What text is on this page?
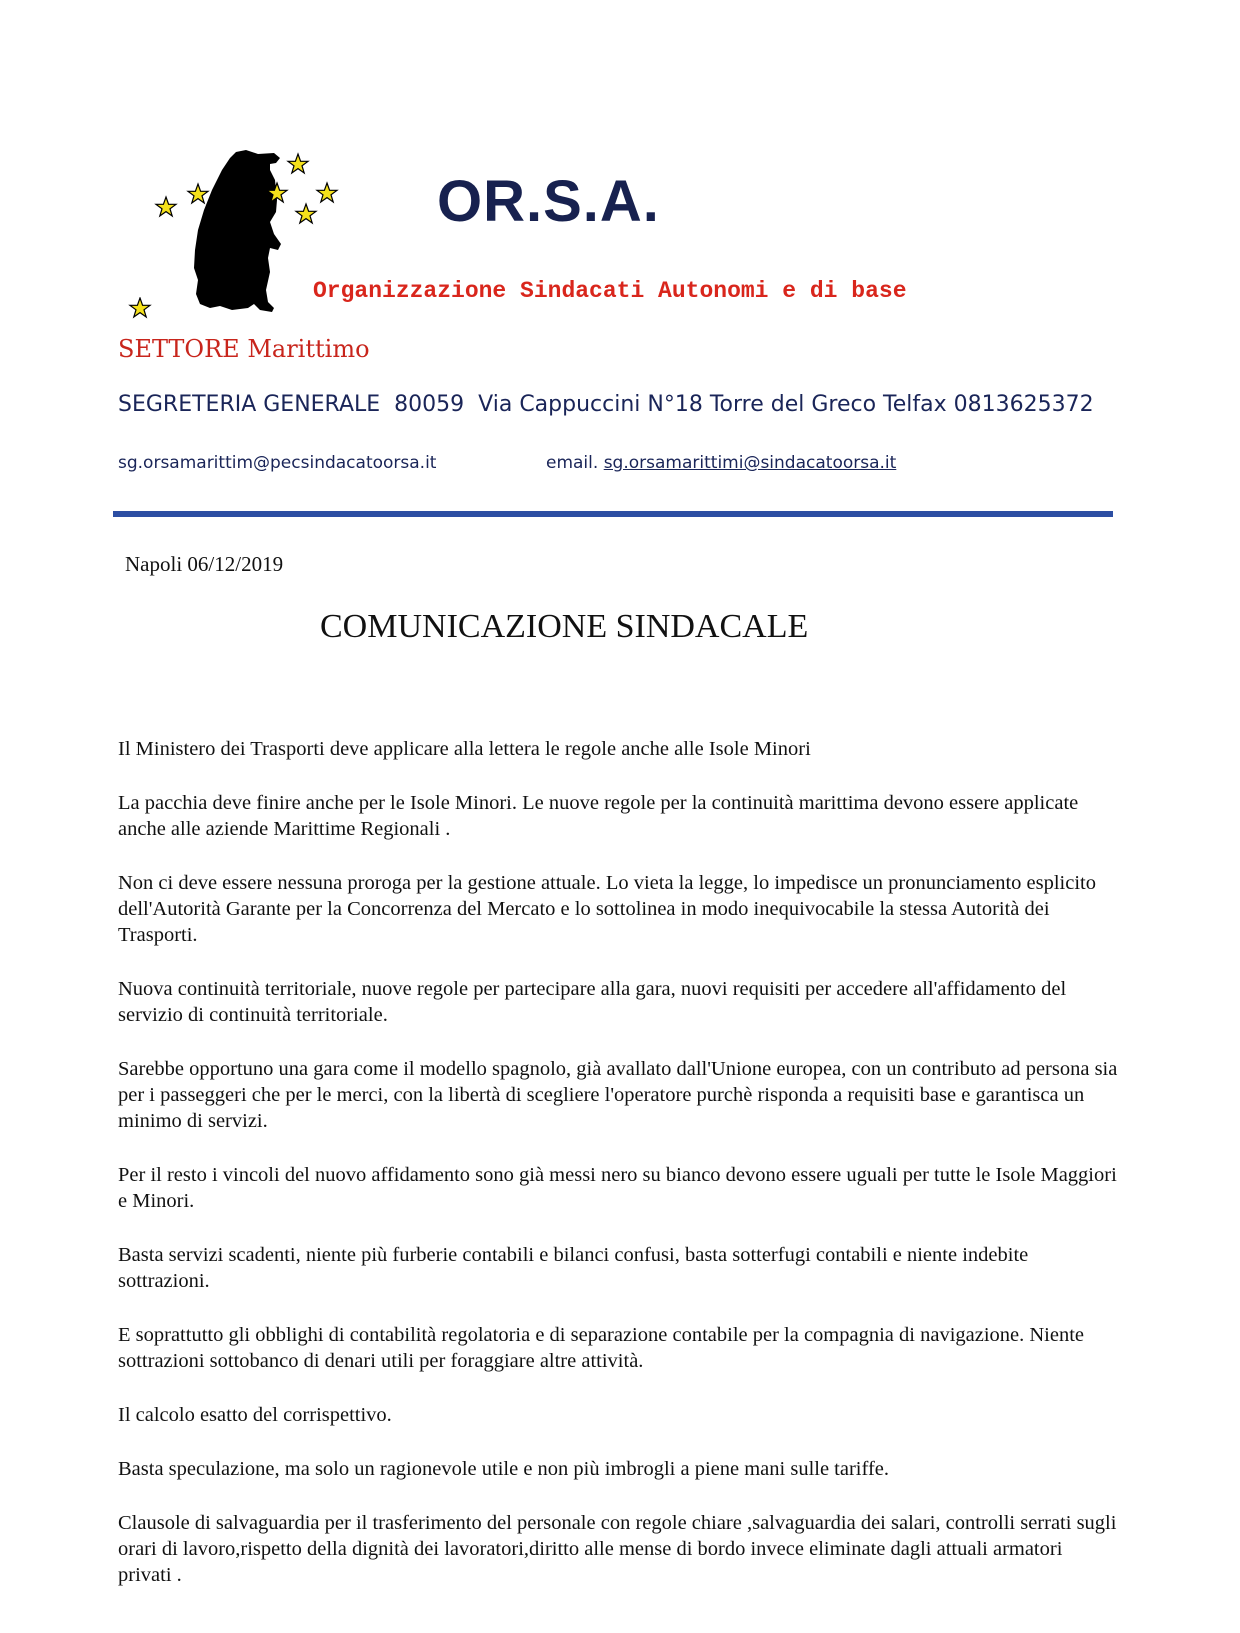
OR.S.A.
Organizzazione Sindacati Autonomi e di base
SETTORE Marittimo
SEGRETERIA GENERALE 80059 Via Cappuccini N°18 Torre del Greco Telfax 0813625372
sg.orsamarittim@pecsindacatoorsa.it	email. sg.orsamarittimi@sindacatoorsa.it
Napoli 06/12/2019
COMUNICAZIONE SINDACALE

Il Ministero dei Trasporti deve applicare alla lettera le regole anche alle Isole Minori

La pacchia deve finire anche per le Isole Minori. Le nuove regole per la continuità marittima devono essere applicate anche alle aziende Marittime Regionali .

Non ci deve essere nessuna proroga per la gestione attuale. Lo vieta la legge, lo impedisce un pronunciamento esplicito dell'Autorità Garante per la Concorrenza del Mercato e lo sottolinea in modo inequivocabile la stessa Autorità dei Trasporti.

Nuova continuità territoriale, nuove regole per partecipare alla gara, nuovi requisiti per accedere all'affidamento del servizio di continuità territoriale.

Sarebbe opportuno una gara come il modello spagnolo, già avallato dall'Unione europea, con un contributo ad persona sia per i passeggeri che per le merci, con la libertà di scegliere l'operatore purchè risponda a requisiti base e garantisca un minimo di servizi.

Per il resto i vincoli del nuovo affidamento sono già messi nero su bianco devono essere uguali per tutte le Isole Maggiori e Minori.

Basta servizi scadenti, niente più furberie contabili e bilanci confusi, basta sotterfugi contabili e niente indebite sottrazioni.

E soprattutto gli obblighi di contabilità regolatoria e di separazione contabile per la compagnia di navigazione. Niente sottrazioni sottobanco di denari utili per foraggiare altre attività.

Il calcolo esatto del corrispettivo.

Basta speculazione, ma solo un ragionevole utile e non più imbrogli a piene mani sulle tariffe.

Clausole di salvaguardia per il trasferimento del personale con regole chiare ,salvaguardia dei salari, controlli serrati sugli orari di lavoro,rispetto della dignità dei lavoratori,diritto alle mense di bordo invece eliminate dagli attuali armatori privati .
